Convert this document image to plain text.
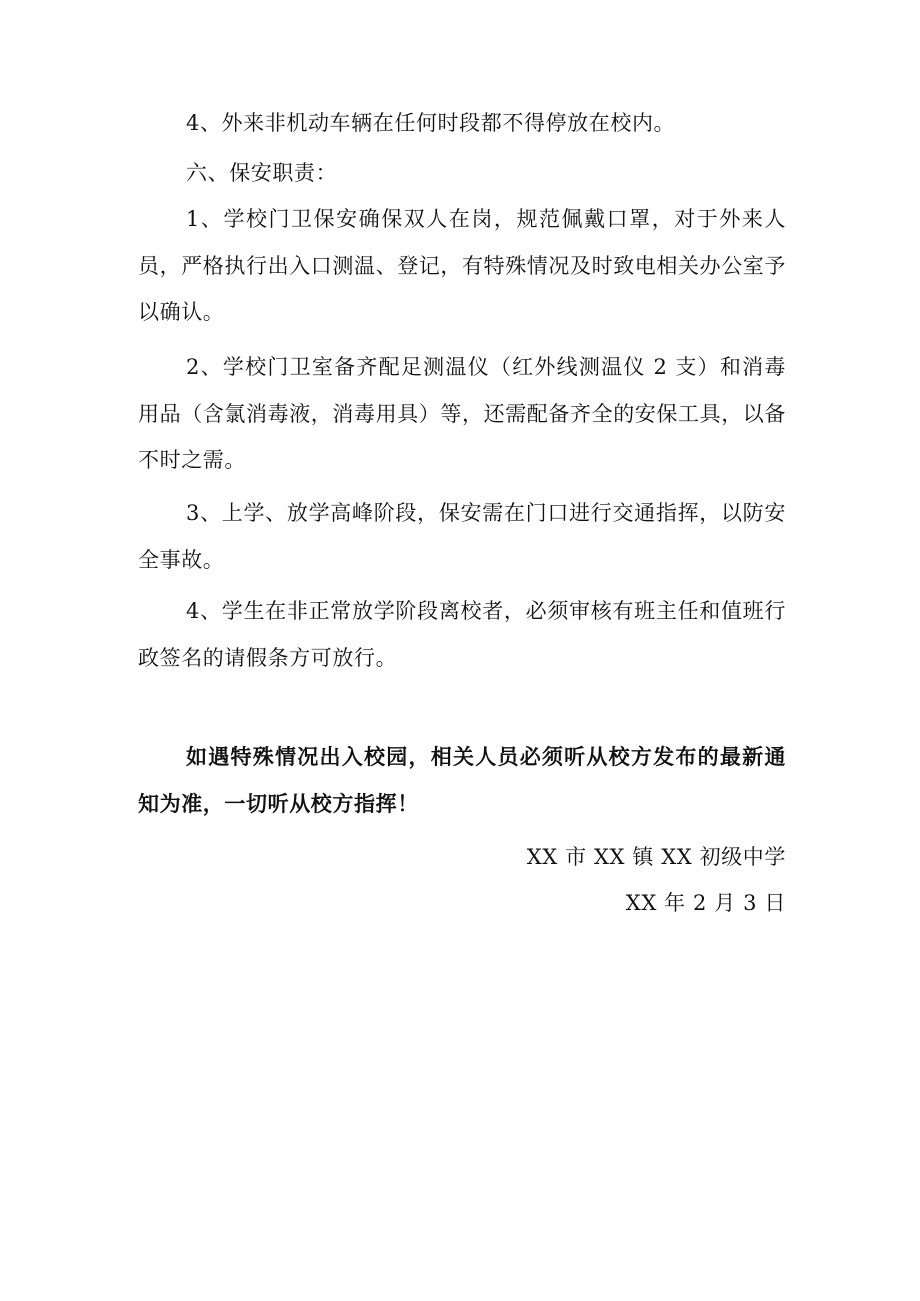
4、外来非机动车辆在任何时段都不得停放在校内。

六、保安职责：

1、学校门卫保安确保双人在岗，规范佩戴口罩，对于外来人员，严格执行出入口测温、登记，有特殊情况及时致电相关办公室予以确认。

2、学校门卫室备齐配足测温仪（红外线测温仪 2 支）和消毒用品（含氯消毒液，消毒用具）等，还需配备齐全的安保工具，以备不时之需。

3、上学、放学高峰阶段，保安需在门口进行交通指挥，以防安全事故。

4、学生在非正常放学阶段离校者，必须审核有班主任和值班行政签名的请假条方可放行。

如遇特殊情况出入校园，相关人员必须听从校方发布的最新通知为准，一切听从校方指挥！

XX 市 XX 镇 XX 初级中学

XX 年 2 月 3 日
